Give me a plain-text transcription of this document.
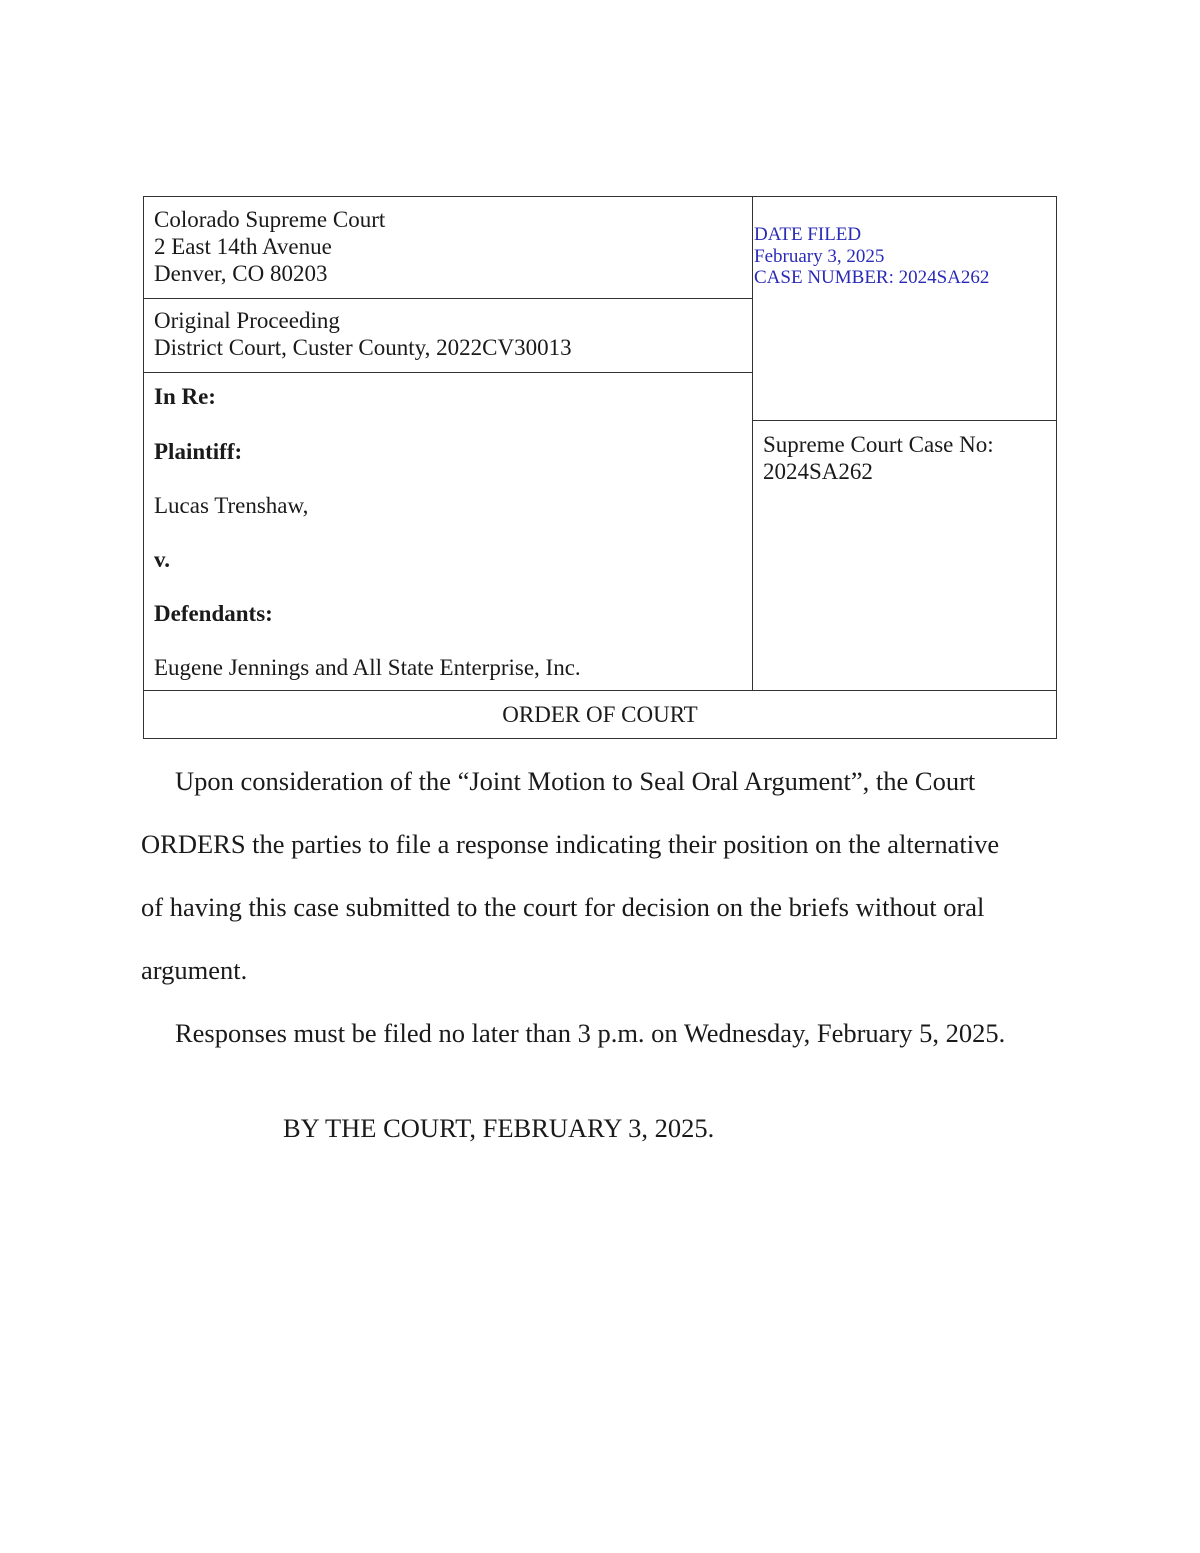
Colorado Supreme Court
2 East 14th Avenue
Denver, CO 80203
Original Proceeding
District Court, Custer County, 2022CV30013
In Re:
Plaintiff:
Lucas Trenshaw,
v.
Defendants:
Eugene Jennings and All State Enterprise, Inc.
DATE FILED
February 3, 2025
CASE NUMBER: 2024SA262
Supreme Court Case No:
2024SA262
ORDER OF COURT
Upon consideration of the “Joint Motion to Seal Oral Argument”, the Court
ORDERS the parties to file a response indicating their position on the alternative
of having this case submitted to the court for decision on the briefs without oral
argument.
Responses must be filed no later than 3 p.m. on Wednesday, February 5, 2025.
BY THE COURT, FEBRUARY 3, 2025.
